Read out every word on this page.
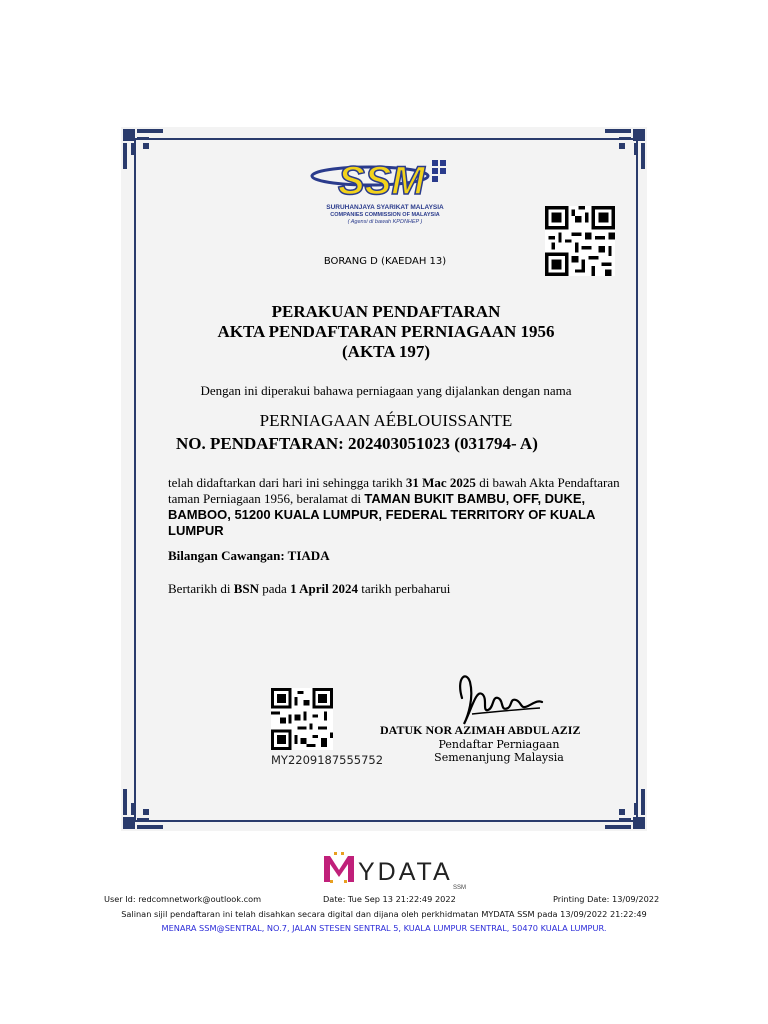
SSM
SURUHANJAYA SYARIKAT MALAYSIA
COMPANIES COMMISSION OF MALAYSIA
( Agensi di bawah KPDNHEP )
BORANG D (KAEDAH 13)
PERAKUAN PENDAFTARAN
AKTA PENDAFTARAN PERNIAGAAN 1956
(AKTA 197)
Dengan ini diperakui bahawa perniagaan yang dijalankan dengan nama
PERNIAGAAN AÉBLOUISSANTE
NO. PENDAFTARAN: 202403051023 (031794- A)
telah didaftarkan dari hari ini sehingga tarikh 31 Mac 2025 di bawah Akta Pendaftaran taman Perniagaan 1956, beralamat di TAMAN BUKIT BAMBU, OFF, DUKE, BAMBOO, 51200 KUALA LUMPUR, FEDERAL TERRITORY OF KUALA LUMPUR
Bilangan Cawangan: TIADA
Bertarikh di BSN pada 1 April 2024 tarikh perbaharui
MY2209187555752
DATUK NOR AZIMAH ABDUL AZIZ
Pendaftar Perniagaan
Semenanjung Malaysia
YDATA
SSM
User Id: redcomnetwork@outlook.com	Date: Tue Sep 13 21:22:49 2022	Printing Date: 13/09/2022
Salinan sijil pendaftaran ini telah disahkan secara digital dan dijana oleh perkhidmatan MYDATA SSM pada 13/09/2022 21:22:49
MENARA SSM@SENTRAL, NO.7, JALAN STESEN SENTRAL 5, KUALA LUMPUR SENTRAL, 50470 KUALA LUMPUR.
